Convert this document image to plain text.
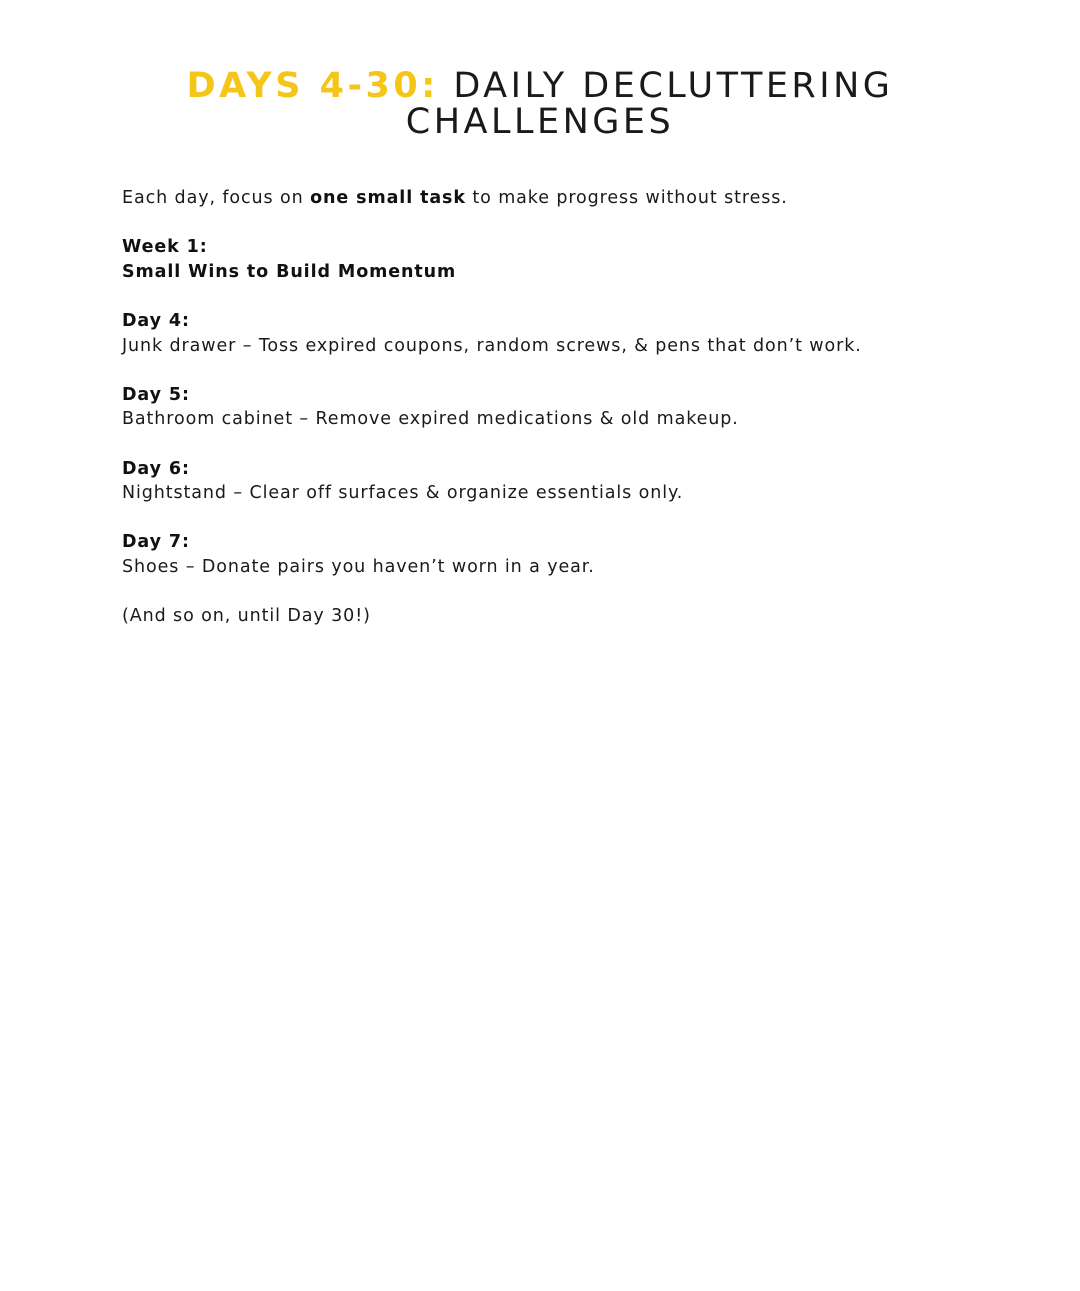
DAYS 4-30: DAILY DECLUTTERING CHALLENGES

Each day, focus on one small task to make progress without stress.

Week 1:
Small Wins to Build Momentum

Day 4:
Junk drawer – Toss expired coupons, random screws, & pens that don’t work.

Day 5:
Bathroom cabinet – Remove expired medications & old makeup.

Day 6:
Nightstand – Clear off surfaces & organize essentials only.

Day 7:
Shoes – Donate pairs you haven’t worn in a year.

(And so on, until Day 30!)
